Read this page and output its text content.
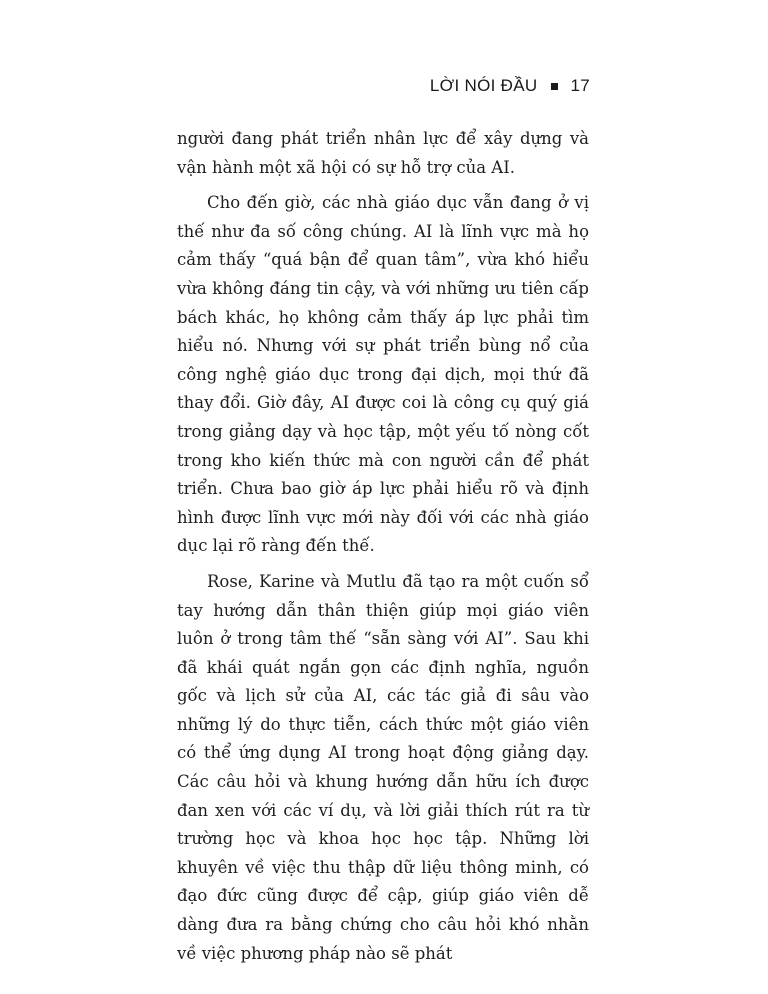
LỜI NÓI ĐẦU 17

người đang phát triển nhân lực để xây dựng và vận hành một xã hội có sự hỗ trợ của AI.

Cho đến giờ, các nhà giáo dục vẫn đang ở vị thế như đa số công chúng. AI là lĩnh vực mà họ cảm thấy “quá bận để quan tâm”, vừa khó hiểu vừa không đáng tin cậy, và với những ưu tiên cấp bách khác, họ không cảm thấy áp lực phải tìm hiểu nó. Nhưng với sự phát triển bùng nổ của công nghệ giáo dục trong đại dịch, mọi thứ đã thay đổi. Giờ đây, AI được coi là công cụ quý giá trong giảng dạy và học tập, một yếu tố nòng cốt trong kho kiến thức mà con người cần để phát triển. Chưa bao giờ áp lực phải hiểu rõ và định hình được lĩnh vực mới này đối với các nhà giáo dục lại rõ ràng đến thế.

Rose, Karine và Mutlu đã tạo ra một cuốn sổ tay hướng dẫn thân thiện giúp mọi giáo viên luôn ở trong tâm thế “sẵn sàng với AI”. Sau khi đã khái quát ngắn gọn các định nghĩa, nguồn gốc và lịch sử của AI, các tác giả đi sâu vào những lý do thực tiễn, cách thức một giáo viên có thể ứng dụng AI trong hoạt động giảng dạy. Các câu hỏi và khung hướng dẫn hữu ích được đan xen với các ví dụ, và lời giải thích rút ra từ trường học và khoa học học tập. Những lời khuyên về việc thu thập dữ liệu thông minh, có đạo đức cũng được để cập, giúp giáo viên dễ dàng đưa ra bằng chứng cho câu hỏi khó nhằn về việc phương pháp nào sẽ phát
